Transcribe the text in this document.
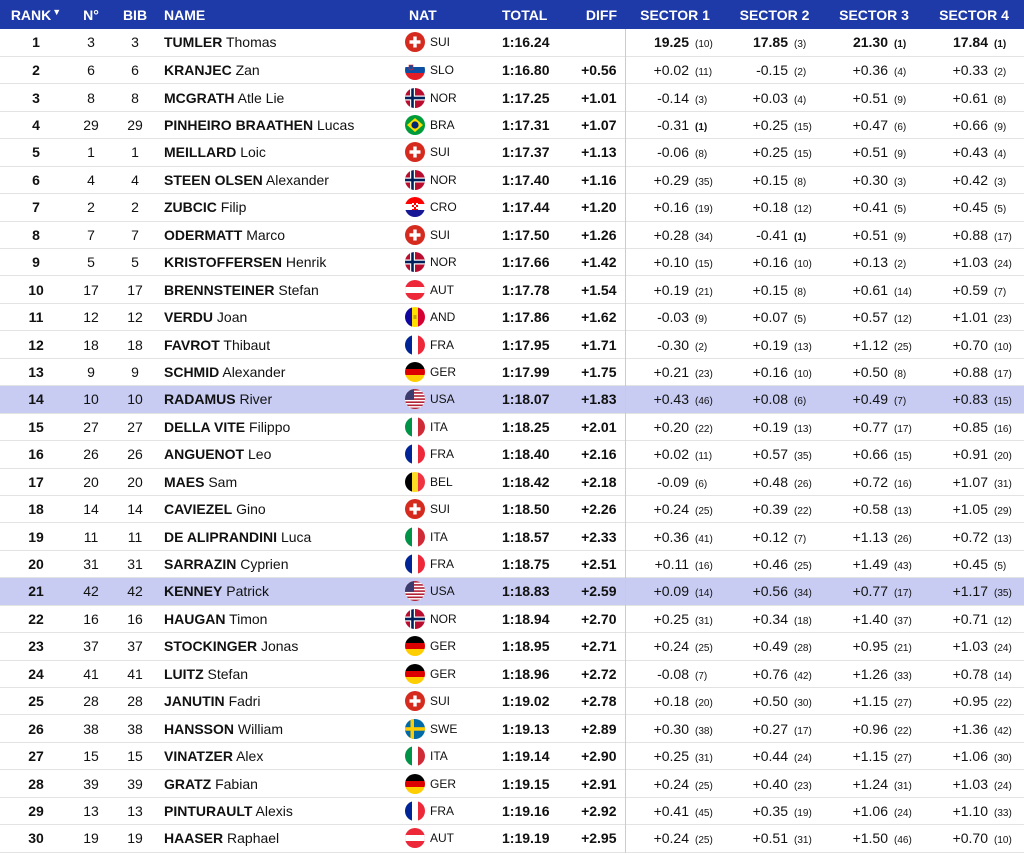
RANK▼	N°	BIB	NAME	NAT	TOTAL	DIFF	SECTOR 1	SECTOR 2	SECTOR 3	SECTOR 4
1	3	3	TUMLER Thomas	SUI	1:16.24		19.25 (10)	17.85 (3)	21.30 (1)	17.84 (1)
2	6	6	KRANJEC Zan	SLO	1:16.80	+0.56	+0.02 (11)	-0.15 (2)	+0.36 (4)	+0.33 (2)
3	8	8	MCGRATH Atle Lie	NOR	1:17.25	+1.01	-0.14 (3)	+0.03 (4)	+0.51 (9)	+0.61 (8)
4	29	29	PINHEIRO BRAATHEN Lucas	BRA	1:17.31	+1.07	-0.31 (1)	+0.25 (15)	+0.47 (6)	+0.66 (9)
5	1	1	MEILLARD Loic	SUI	1:17.37	+1.13	-0.06 (8)	+0.25 (15)	+0.51 (9)	+0.43 (4)
6	4	4	STEEN OLSEN Alexander	NOR	1:17.40	+1.16	+0.29 (35)	+0.15 (8)	+0.30 (3)	+0.42 (3)
7	2	2	ZUBCIC Filip	CRO	1:17.44	+1.20	+0.16 (19)	+0.18 (12)	+0.41 (5)	+0.45 (5)
8	7	7	ODERMATT Marco	SUI	1:17.50	+1.26	+0.28 (34)	-0.41 (1)	+0.51 (9)	+0.88 (17)
9	5	5	KRISTOFFERSEN Henrik	NOR	1:17.66	+1.42	+0.10 (15)	+0.16 (10)	+0.13 (2)	+1.03 (24)
10	17	17	BRENNSTEINER Stefan	AUT	1:17.78	+1.54	+0.19 (21)	+0.15 (8)	+0.61 (14)	+0.59 (7)
11	12	12	VERDU Joan	AND	1:17.86	+1.62	-0.03 (9)	+0.07 (5)	+0.57 (12)	+1.01 (23)
12	18	18	FAVROT Thibaut	FRA	1:17.95	+1.71	-0.30 (2)	+0.19 (13)	+1.12 (25)	+0.70 (10)
13	9	9	SCHMID Alexander	GER	1:17.99	+1.75	+0.21 (23)	+0.16 (10)	+0.50 (8)	+0.88 (17)
14	10	10	RADAMUS River	USA	1:18.07	+1.83	+0.43 (46)	+0.08 (6)	+0.49 (7)	+0.83 (15)
15	27	27	DELLA VITE Filippo	ITA	1:18.25	+2.01	+0.20 (22)	+0.19 (13)	+0.77 (17)	+0.85 (16)
16	26	26	ANGUENOT Leo	FRA	1:18.40	+2.16	+0.02 (11)	+0.57 (35)	+0.66 (15)	+0.91 (20)
17	20	20	MAES Sam	BEL	1:18.42	+2.18	-0.09 (6)	+0.48 (26)	+0.72 (16)	+1.07 (31)
18	14	14	CAVIEZEL Gino	SUI	1:18.50	+2.26	+0.24 (25)	+0.39 (22)	+0.58 (13)	+1.05 (29)
19	11	11	DE ALIPRANDINI Luca	ITA	1:18.57	+2.33	+0.36 (41)	+0.12 (7)	+1.13 (26)	+0.72 (13)
20	31	31	SARRAZIN Cyprien	FRA	1:18.75	+2.51	+0.11 (16)	+0.46 (25)	+1.49 (43)	+0.45 (5)
21	42	42	KENNEY Patrick	USA	1:18.83	+2.59	+0.09 (14)	+0.56 (34)	+0.77 (17)	+1.17 (35)
22	16	16	HAUGAN Timon	NOR	1:18.94	+2.70	+0.25 (31)	+0.34 (18)	+1.40 (37)	+0.71 (12)
23	37	37	STOCKINGER Jonas	GER	1:18.95	+2.71	+0.24 (25)	+0.49 (28)	+0.95 (21)	+1.03 (24)
24	41	41	LUITZ Stefan	GER	1:18.96	+2.72	-0.08 (7)	+0.76 (42)	+1.26 (33)	+0.78 (14)
25	28	28	JANUTIN Fadri	SUI	1:19.02	+2.78	+0.18 (20)	+0.50 (30)	+1.15 (27)	+0.95 (22)
26	38	38	HANSSON William	SWE	1:19.13	+2.89	+0.30 (38)	+0.27 (17)	+0.96 (22)	+1.36 (42)
27	15	15	VINATZER Alex	ITA	1:19.14	+2.90	+0.25 (31)	+0.44 (24)	+1.15 (27)	+1.06 (30)
28	39	39	GRATZ Fabian	GER	1:19.15	+2.91	+0.24 (25)	+0.40 (23)	+1.24 (31)	+1.03 (24)
29	13	13	PINTURAULT Alexis	FRA	1:19.16	+2.92	+0.41 (45)	+0.35 (19)	+1.06 (24)	+1.10 (33)
30	19	19	HAASER Raphael	AUT	1:19.19	+2.95	+0.24 (25)	+0.51 (31)	+1.50 (46)	+0.70 (10)
